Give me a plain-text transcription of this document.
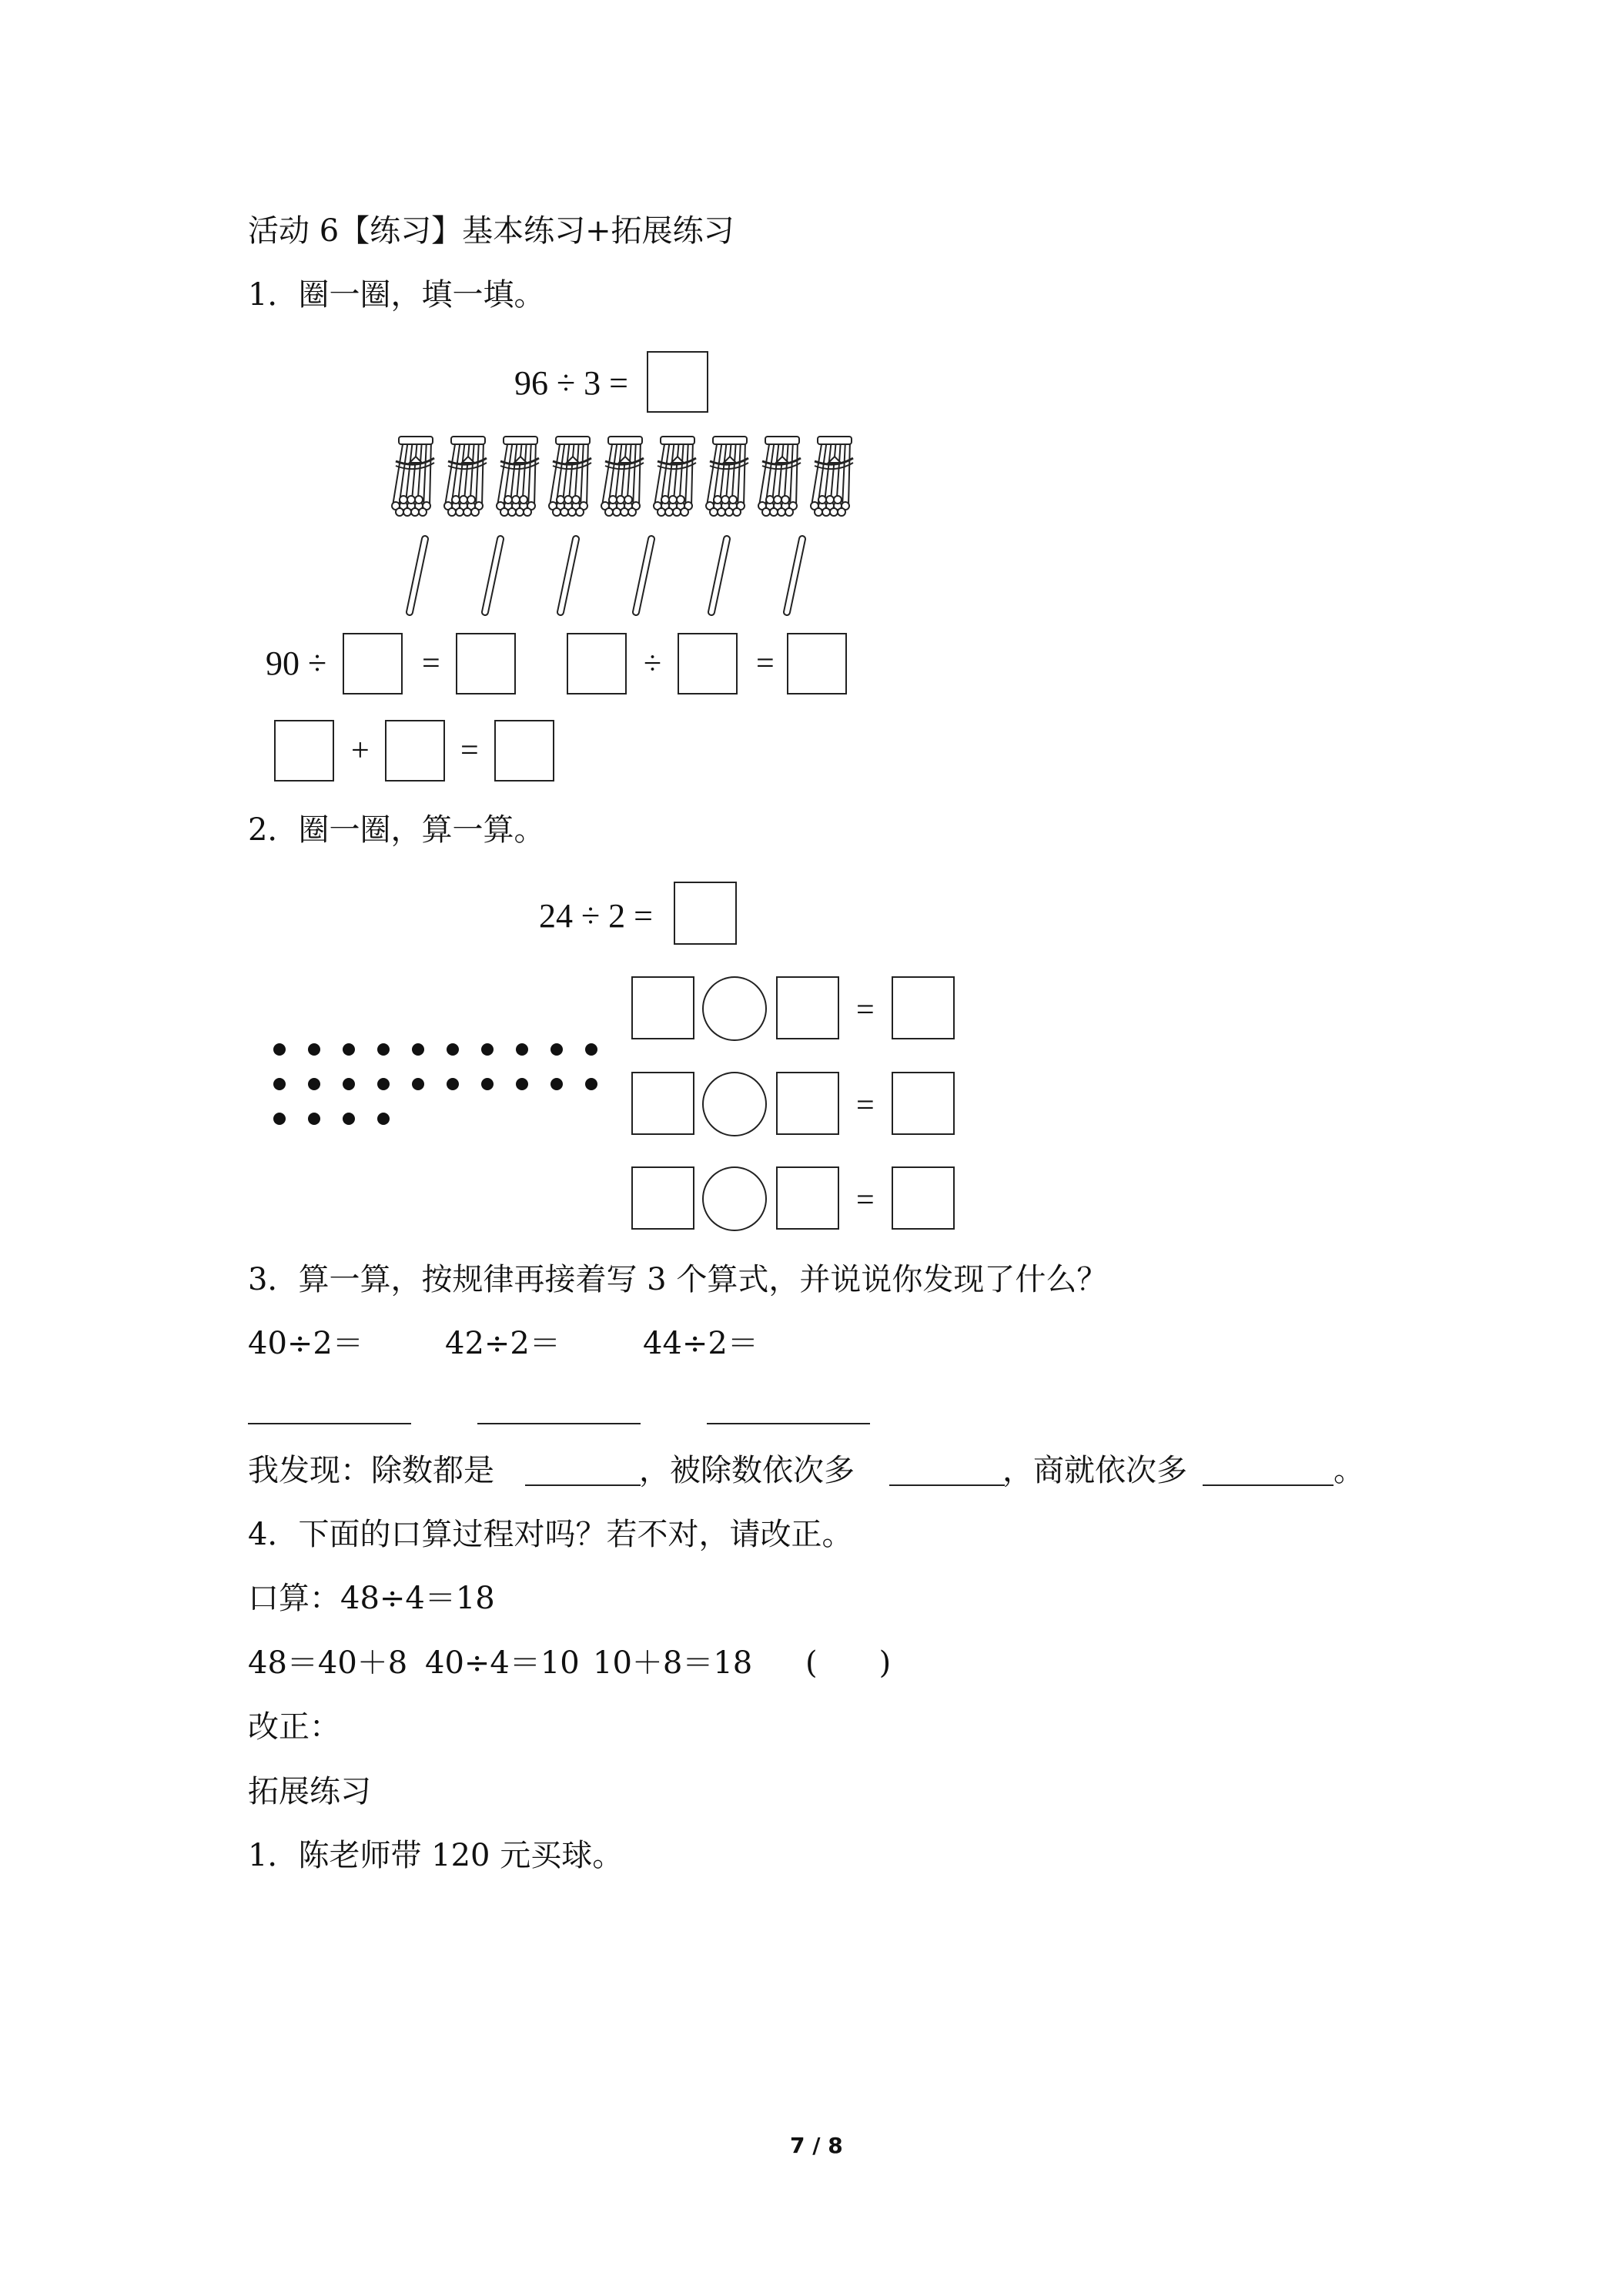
活动 6【练习】基本练习+拓展练习
1．圈一圈，填一填。
96 ÷ 3 =
90 ÷	=	÷	=
+	=
2．圈一圈，算一算。
24 ÷ 2 =
=
=
=
3．算一算，按规律再接着写 3 个算式，并说说你发现了什么？
40÷2＝	42÷2＝	44÷2＝
我发现：除数都是	，被除数依次多	，商就依次多	。
4．下面的口算过程对吗？若不对，请改正。
口算：48÷4＝18
48＝40＋8 40÷4＝10 10＋8＝18 (　　)
改正：
拓展练习
1．陈老师带 120 元买球。
7 / 8
